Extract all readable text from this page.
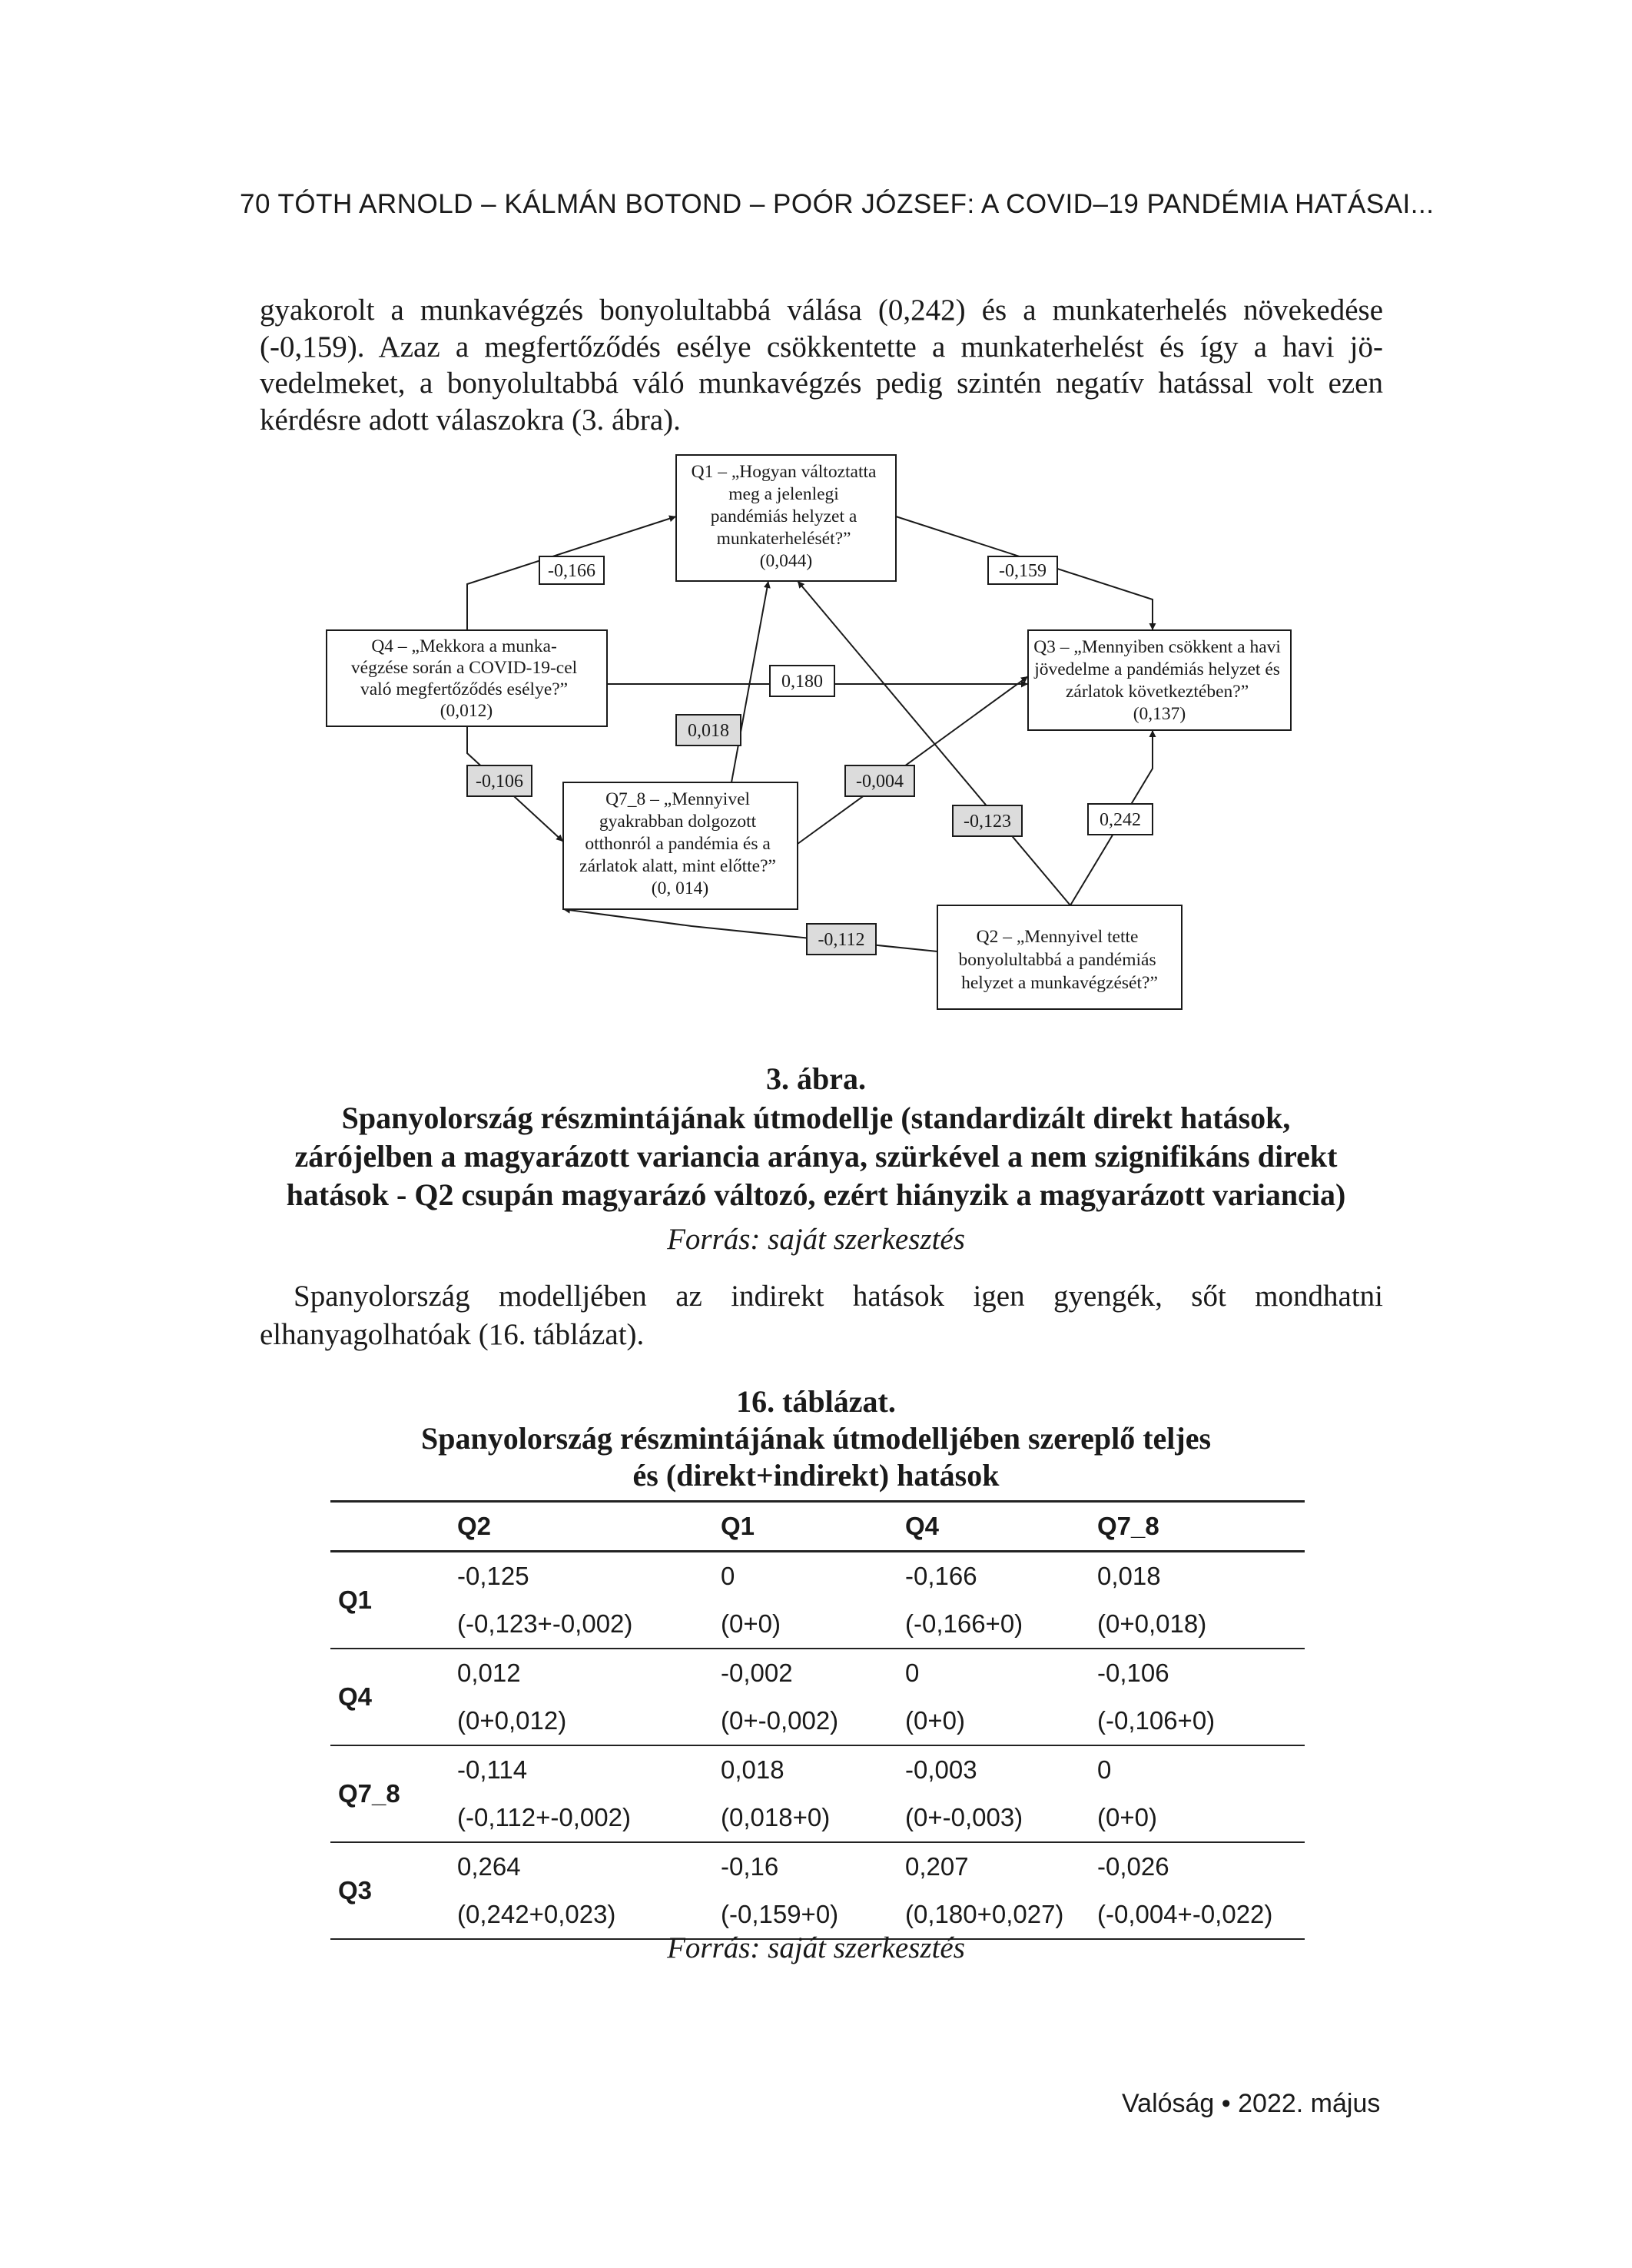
70 TÓTH ARNOLD – KÁLMÁN BOTOND – POÓR JÓZSEF: A COVID–19 PANDÉMIA HATÁSAI...
gyakorolt a munkavégzés bonyolultabbá válása (0,242) és a munkaterhelés növekedése
(-0,159). Azaz a megfertőződés esélye csökkentette a munkaterhelést és így a havi jö-
vedelmeket, a bonyolultabbá váló munkavégzés pedig szintén negatív hatással volt ezen
kérdésre adott válaszokra (3. ábra).
Q1 – „Hogyan változtatta meg a jelenlegi pandémiás helyzet a munkaterhelését?” (0,044)
Q4 – „Mekkora a munka- végzése során a COVID-19-cel való megfertőződés esélye?” (0,012)
Q3 – „Mennyiben csökkent a havi jövedelme a pandémiás helyzet és zárlatok következtében?” (0,137)
Q7_8 – „Mennyivel gyakrabban dolgozott otthonról a pandémia és a zárlatok alatt, mint előtte?” (0, 014)
Q2 – „Mennyivel tette bonyolultabbá a pandémiás helyzet a munkavégzését?”
-0,166	-0,159
0,180
0,018
-0,106	-0,004
-0,123	0,242
-0,112
3. ábra.
Spanyolország részmintájának útmodellje (standardizált direkt hatások,
zárójelben a magyarázott variancia aránya, szürkével a nem szignifikáns direkt
hatások - Q2 csupán magyarázó változó, ezért hiányzik a magyarázott variancia)
Forrás: saját szerkesztés
Spanyolország modelljében az indirekt hatások igen gyengék, sőt mondhatni
elhanyagolhatóak (16. táblázat).
16. táblázat.
Spanyolország részmintájának útmodelljében szereplő teljes
és (direkt+indirekt) hatások
	Q2	Q1	Q4	Q7_8
Q1	-0,125	0	-0,166	0,018
	(-0,123+-0,002)	(0+0)	(-0,166+0)	(0+0,018)
Q4	0,012	-0,002	0	-0,106
	(0+0,012)	(0+-0,002)	(0+0)	(-0,106+0)
Q7_8	-0,114	0,018	-0,003	0
	(-0,112+-0,002)	(0,018+0)	(0+-0,003)	(0+0)
Q3	0,264	-0,16	0,207	-0,026
	(0,242+0,023)	(-0,159+0)	(0,180+0,027)	(-0,004+-0,022)
Forrás: saját szerkesztés
Valóság • 2022. május
